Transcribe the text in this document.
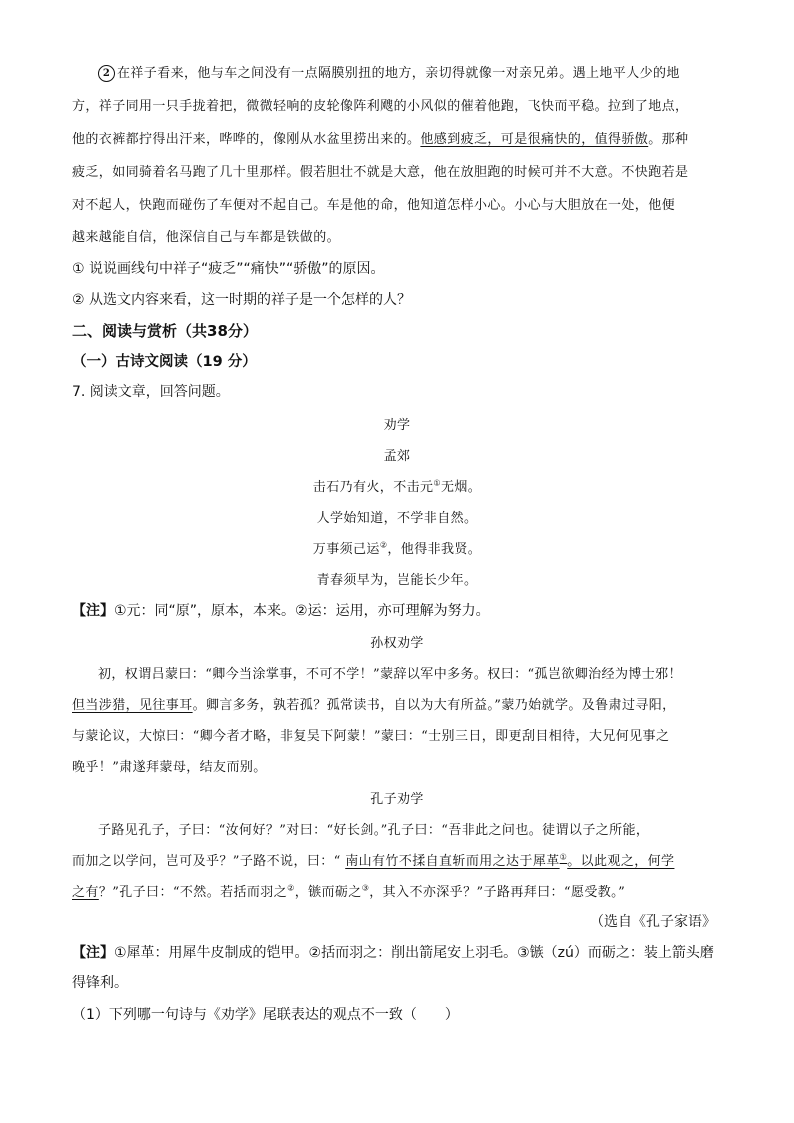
2 在祥子看来，他与车之间没有一点隔膜别扭的地方，亲切得就像一对亲兄弟。遇上地平人少的地
方，祥子同用一只手拢着把，微微轻响的皮轮像阵利飕的小风似的催着他跑，飞快而平稳。拉到了地点，
他的衣裤都拧得出汗来，哗哗的，像刚从水盆里捞出来的。他感到疲乏，可是很痛快的，值得骄傲。那种
疲乏，如同骑着名马跑了几十里那样。假若胆壮不就是大意，他在放胆跑的时候可并不大意。不快跑若是
对不起人，快跑而碰伤了车便对不起自己。车是他的命，他知道怎样小心。小心与大胆放在一处，他便
越来越能自信，他深信自己与车都是铁做的。
① 说说画线句中祥子“疲乏”“痛快”“骄傲”的原因。
② 从选文内容来看，这一时期的祥子是一个怎样的人？
二、阅读与赏析（共38分）
（一）古诗文阅读（19 分）
7. 阅读文章，回答问题。
劝学
孟郊
击石乃有火，不击元①无烟。
人学始知道，不学非自然。
万事须己运②，他得非我贤。
青春须早为，岂能长少年。
【注】①元：同“原”，原本，本来。②运：运用，亦可理解为努力。
孙权劝学
初，权谓吕蒙曰：“卿今当涂掌事，不可不学！”蒙辞以军中多务。权曰：“孤岂欲卿治经为博士邪！
但当涉猎，见往事耳。卿言多务，孰若孤？孤常读书，自以为大有所益。”蒙乃始就学。及鲁肃过寻阳，
与蒙论议，大惊曰：“卿今者才略，非复吴下阿蒙！”蒙曰：“士别三日，即更刮目相待，大兄何见事之
晚乎！”肃遂拜蒙母，结友而别。
孔子劝学
子路见孔子，子曰：“汝何好？”对曰：“好长剑。”孔子曰：“吾非此之问也。徒谓以子之所能，
而加之以学问，岂可及乎？”子路不说，曰：“ 南山有竹不揉自直斩而用之达于犀革①。以此观之，何学
之有？”孔子曰：“不然。若括而羽之②，镞而砺之③，其入不亦深乎？”子路再拜曰：“愿受教。”
（选自《孔子家语》
【注】①犀革：用犀牛皮制成的铠甲。②括而羽之：削出箭尾安上羽毛。③镞（zú）而砺之：装上箭头磨
得锋利。
（1）下列哪一句诗与《劝学》尾联表达的观点不一致（　　）
